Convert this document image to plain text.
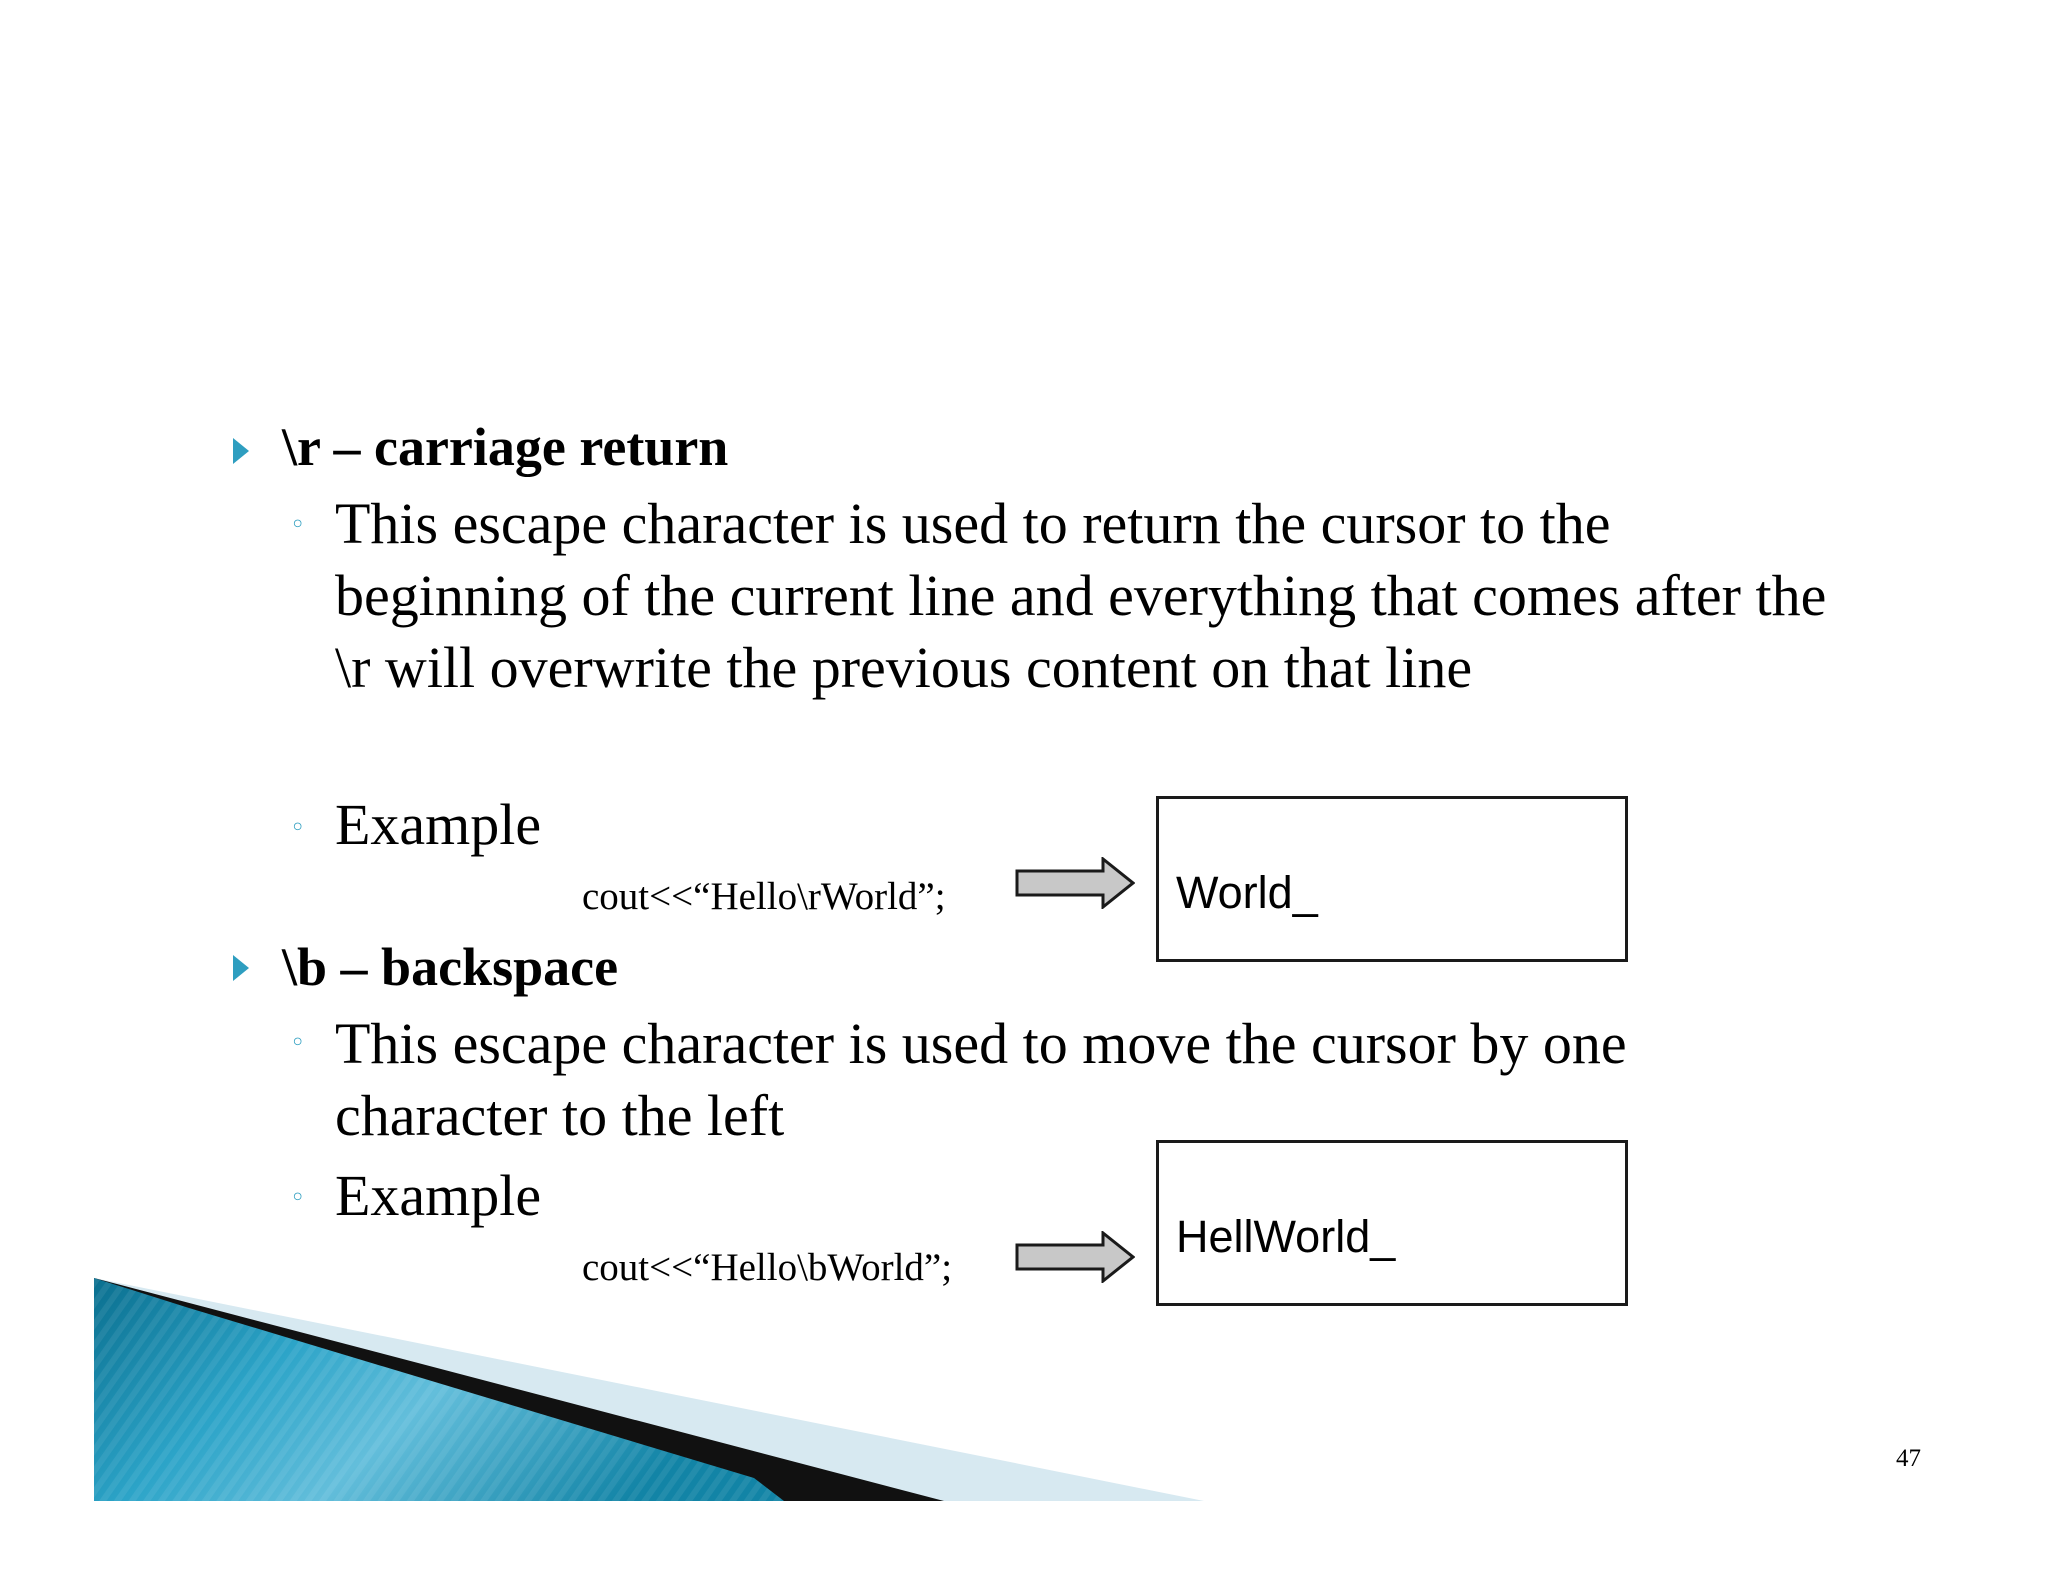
\r – carriage return
◦ This escape character is used to return the cursor to the beginning of the current line and everything that comes after the \r will overwrite the previous content on that line
◦ Example
cout<<“Hello\rWorld”;	World_
\b – backspace
◦ This escape character is used to move the cursor by one character to the left
◦ Example
cout<<“Hello\bWorld”;
HellWorld_
47
